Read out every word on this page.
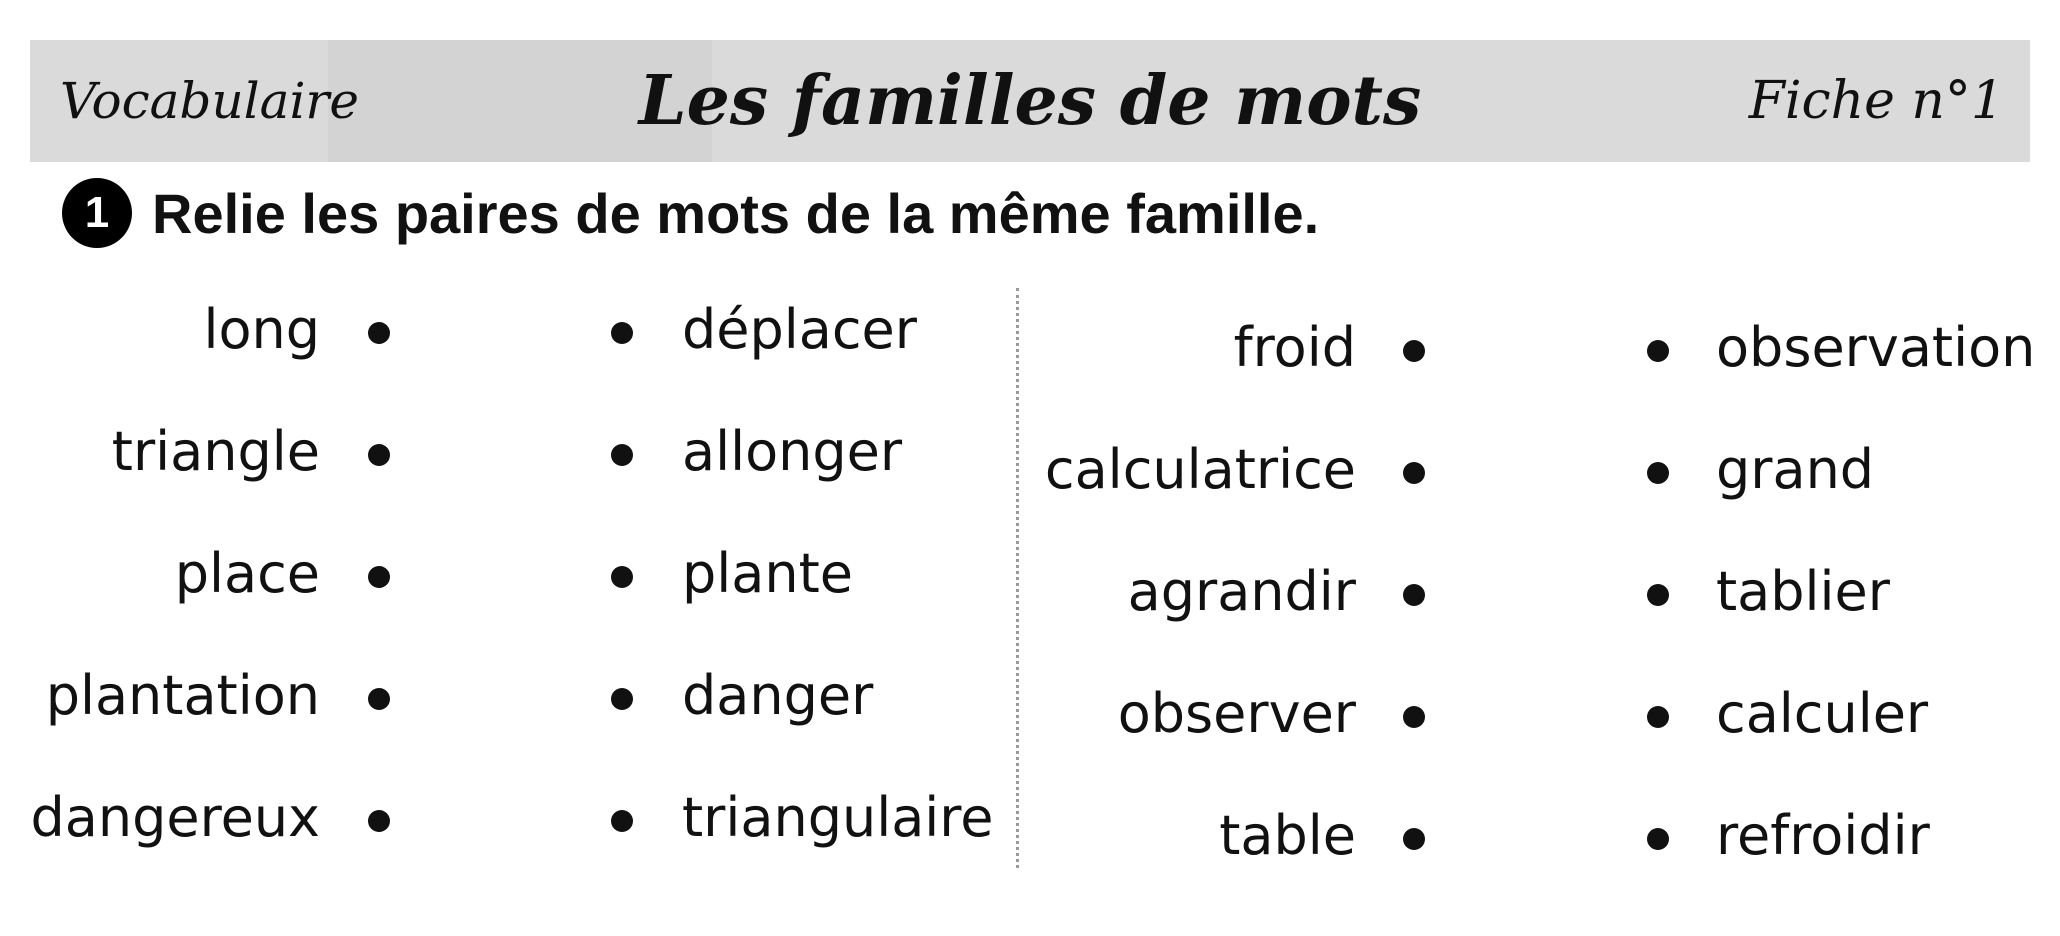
Vocabulaire	Les familles de mots	Fiche n°1
1 Relie les paires de mots de la même famille.
long
triangle
place
plantation
dangereux
déplacer
allonger
plante
danger
triangulaire
froid
calculatrice
agrandir
observer
table
observation
grand
tablier
calculer
refroidir
